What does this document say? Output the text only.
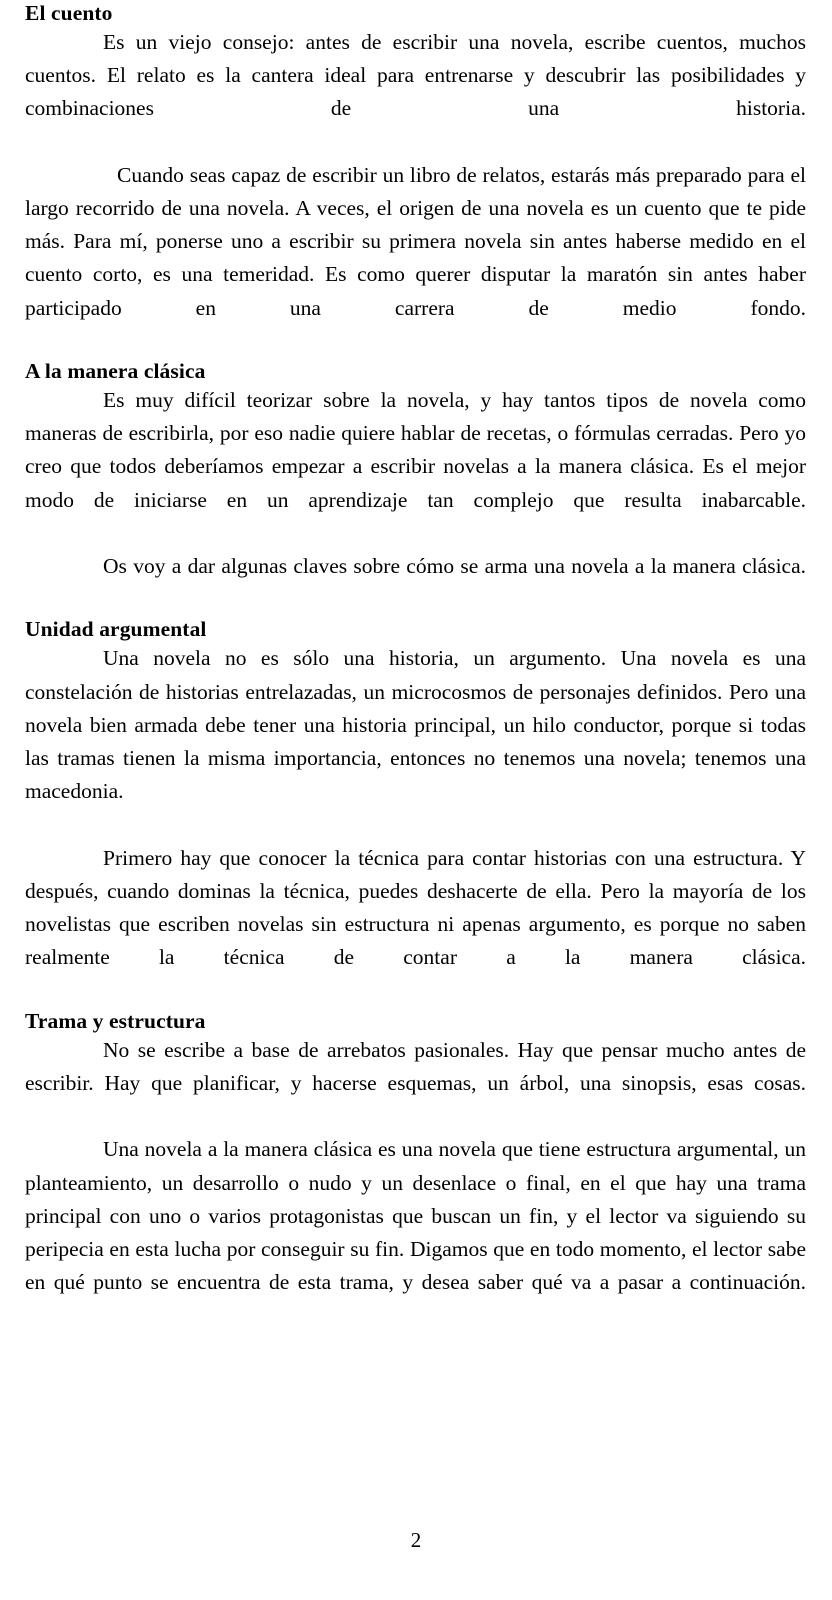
El cuento

Es un viejo consejo: antes de escribir una novela, escribe cuentos, muchos cuentos. El relato es la cantera ideal para entrenarse y descubrir las posibilidades y combinaciones de una historia.

Cuando seas capaz de escribir un libro de relatos, estarás más preparado para el largo recorrido de una novela. A veces, el origen de una novela es un cuento que te pide más. Para mí, ponerse uno a escribir su primera novela sin antes haberse medido en el cuento corto, es una temeridad. Es como querer disputar la maratón sin antes haber participado en una carrera de medio fondo.

A la manera clásica

Es muy difícil teorizar sobre la novela, y hay tantos tipos de novela como maneras de escribirla, por eso nadie quiere hablar de recetas, o fórmulas cerradas. Pero yo creo que todos deberíamos empezar a escribir novelas a la manera clásica. Es el mejor modo de iniciarse en un aprendizaje tan complejo que resulta inabarcable.

Os voy a dar algunas claves sobre cómo se arma una novela a la manera clásica.

Unidad argumental

Una novela no es sólo una historia, un argumento. Una novela es una constelación de historias entrelazadas, un microcosmos de personajes definidos. Pero una novela bien armada debe tener una historia principal, un hilo conductor, porque si todas las tramas tienen la misma importancia, entonces no tenemos una novela; tenemos una macedonia.

Primero hay que conocer la técnica para contar historias con una estructura. Y después, cuando dominas la técnica, puedes deshacerte de ella. Pero la mayoría de los novelistas que escriben novelas sin estructura ni apenas argumento, es porque no saben realmente la técnica de contar a la manera clásica.

Trama y estructura

No se escribe a base de arrebatos pasionales. Hay que pensar mucho antes de escribir. Hay que planificar, y hacerse esquemas, un árbol, una sinopsis, esas cosas.

Una novela a la manera clásica es una novela que tiene estructura argumental, un planteamiento, un desarrollo o nudo y un desenlace o final, en el que hay una trama principal con uno o varios protagonistas que buscan un fin, y el lector va siguiendo su peripecia en esta lucha por conseguir su fin. Digamos que en todo momento, el lector sabe en qué punto se encuentra de esta trama, y desea saber qué va a pasar a continuación.

2
